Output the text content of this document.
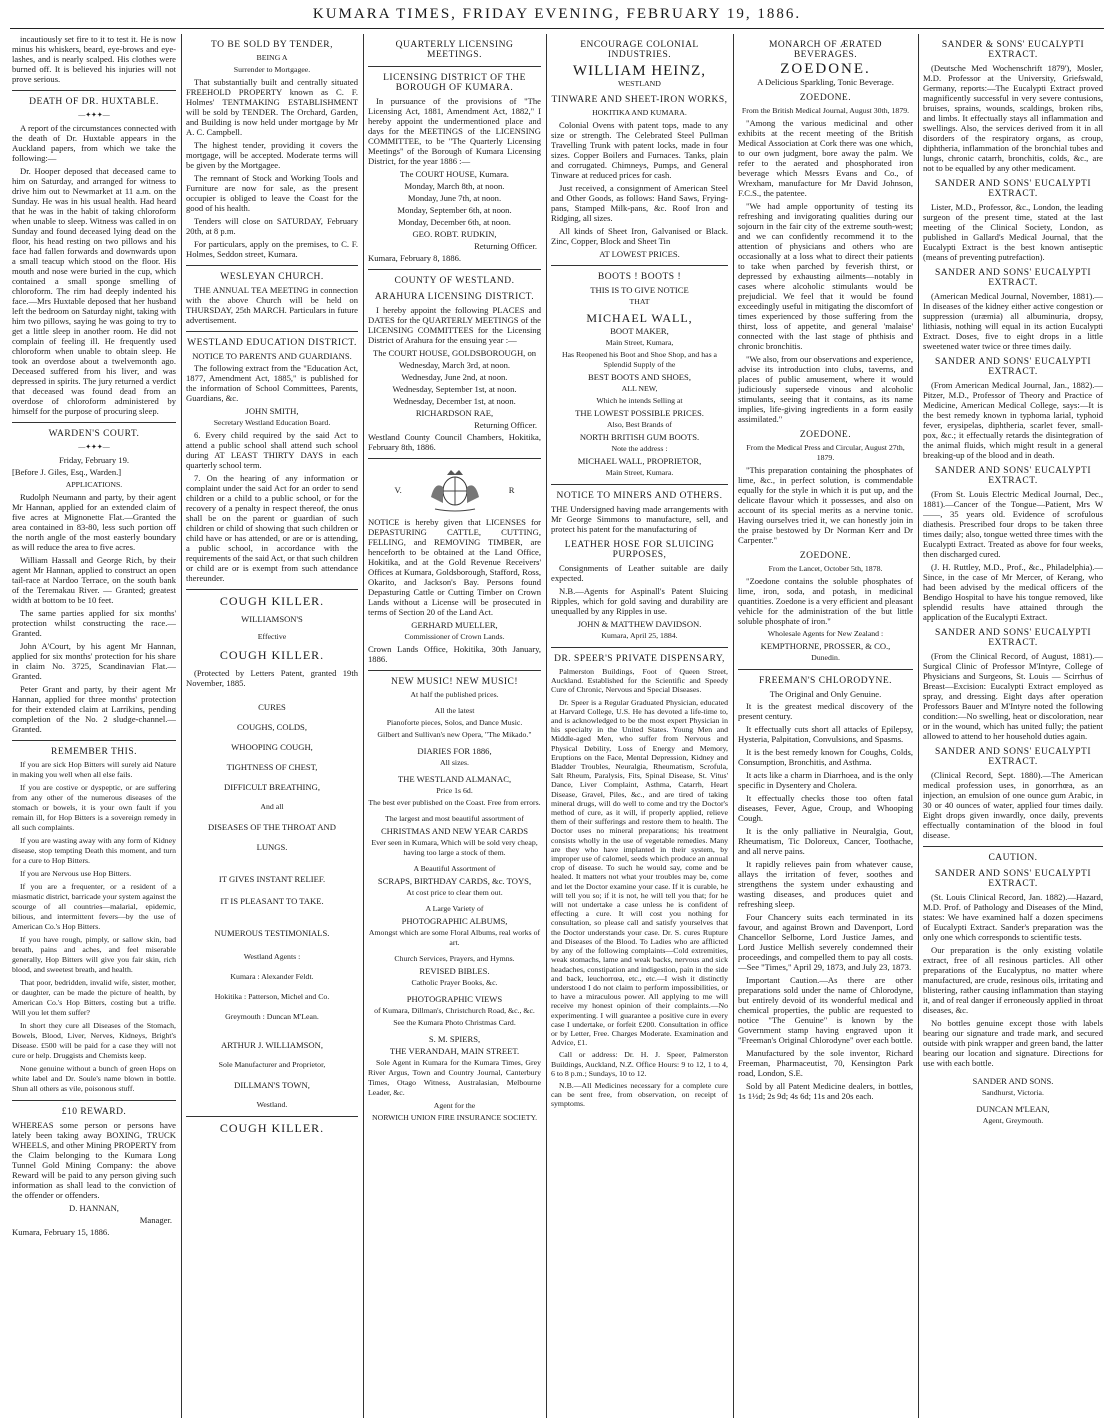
KUMARA TIMES, FRIDAY EVENING, FEBRUARY 19, 1886.

incautiously set fire to it to test it. He is now minus his whiskers, beard, eye-brows and eye-lashes, and is nearly scalped. His clothes were burned off. It is believed his injuries will not prove serious.

DEATH OF DR. HUXTABLE.
—✦✦✦—

A report of the circumstances connected with the death of Dr. Huxtable appears in the Auckland papers, from which we take the following:—

Dr. Hooper deposed that deceased came to him on Saturday, and arranged for witness to drive him out to Newmarket at 11 a.m. on the Sunday. He was in his usual health. Had heard that he was in the habit of taking chloroform when unable to sleep. Witness was called in on Sunday and found deceased lying dead on the floor, his head resting on two pillows and his face had fallen forwards and downwards upon a small teacup which stood on the floor. His mouth and nose were buried in the cup, which contained a small sponge smelling of chloroform. The rim had deeply indented his face.—Mrs Huxtable deposed that her husband left the bedroom on Saturday night, taking with him two pillows, saying he was going to try to get a little sleep in another room. He did not complain of feeling ill. He frequently used chloroform when unable to obtain sleep. He took an overdose about a twelvemonth ago. Deceased suffered from his liver, and was depressed in spirits. The jury returned a verdict that deceased was found dead from an overdose of chloroform administered by himself for the purpose of procuring sleep.

WARDEN'S COURT.
—✦✦✦—
Friday, February 19.

[Before J. Giles, Esq., Warden.]

APPLICATIONS.

Rudolph Neumann and party, by their agent Mr Hannan, applied for an extended claim of five acres at Mignonette Flat.—Granted the area contained in 83-80, less such portion off the north angle of the most easterly boundary as will reduce the area to five acres.

William Hassall and George Rich, by their agent Mr Hannan, applied to construct an open tail-race at Nardoo Terrace, on the south bank of the Teremakau River. — Granted; greatest width at bottom to be 10 feet.

The same parties applied for six months' protection whilst constructing the race.—Granted.

John A'Court, by his agent Mr Hannan, applied for six months' protection for his share in claim No. 3725, Scandinavian Flat.—Granted.

Peter Grant and party, by their agent Mr Hannan, applied for three months' protection for their extended claim at Larrikins, pending completion of the No. 2 sludge-channel.—Granted.

REMEMBER THIS.

If you are sick Hop Bitters will surely aid Nature in making you well when all else fails.

If you are costive or dyspeptic, or are suffering from any other of the numerous diseases of the stomach or bowels, it is your own fault if you remain ill, for Hop Bitters is a sovereign remedy in all such complaints.

If you are wasting away with any form of Kidney disease, stop tempting Death this moment, and turn for a cure to Hop Bitters.

If you are Nervous use Hop Bitters.

If you are a frequenter, or a resident of a miasmatic district, barricade your system against the scourge of all countries—malarial, epidemic, bilious, and intermittent fevers—by the use of American Co.'s Hop Bitters.

If you have rough, pimply, or sallow skin, bad breath, pains and aches, and feel miserable generally, Hop Bitters will give you fair skin, rich blood, and sweetest breath, and health.

That poor, bedridden, invalid wife, sister, mother, or daughter, can be made the picture of health, by American Co.'s Hop Bitters, costing but a trifle. Will you let them suffer?

In short they cure all Diseases of the Stomach, Bowels, Blood, Liver, Nerves, Kidneys, Bright's Disease. £500 will be paid for a case they will not cure or help. Druggists and Chemists keep.

None genuine without a bunch of green Hops on white label and Dr. Soule's name blown in bottle. Shun all others as vile, poisonous stuff.

£10 REWARD.

WHEREAS some person or persons have lately been taking away BOXING, TRUCK WHEELS, and other Mining PROPERTY from the Claim belonging to the Kumara Long Tunnel Gold Mining Company: the above Reward will be paid to any person giving such information as shall lead to the conviction of the offender or offenders.

D. HANNAN,
Manager.

Kumara, February 15, 1886.

TO BE SOLD BY TENDER,
BEING A
Surrender to Mortgagee.

That substantially built and centrally situated FREEHOLD PROPERTY known as C. F. Holmes' TENTMAKING ESTABLISHMENT will be sold by TENDER. The Orchard, Garden, and Building is now held under mortgage by Mr A. C. Campbell.

The highest tender, providing it covers the mortgage, will be accepted. Moderate terms will be given by the Mortgagee.

The remnant of Stock and Working Tools and Furniture are now for sale, as the present occupier is obliged to leave the Coast for the good of his health.

Tenders will close on SATURDAY, February 20th, at 8 p.m.

For particulars, apply on the premises, to C. F. Holmes, Seddon street, Kumara.

WESLEYAN CHURCH.

THE ANNUAL TEA MEETING in connection with the above Church will be held on THURSDAY, 25th MARCH. Particulars in future advertisement.

WESTLAND EDUCATION DISTRICT.
NOTICE TO PARENTS AND GUARDIANS.

The following extract from the "Education Act, 1877, Amendment Act, 1885," is published for the information of School Committees, Parents, Guardians, &c.

JOHN SMITH,
Secretary Westland Education Board.

6. Every child required by the said Act to attend a public school shall attend such school during AT LEAST THIRTY DAYS in each quarterly school term.

7. On the hearing of any information or complaint under the said Act for an order to send children or a child to a public school, or for the recovery of a penalty in respect thereof, the onus shall be on the parent or guardian of such children or child of showing that such children or child have or has attended, or are or is attending, a public school, in accordance with the requirements of the said Act, or that such children or child are or is exempt from such attendance thereunder.

COUGH KILLER.
WILLIAMSON'S
Effective
COUGH KILLER.

(Protected by Letters Patent, granted 19th November, 1885.

CURES
COUGHS, COLDS,
WHOOPING COUGH,
TIGHTNESS OF CHEST,
DIFFICULT BREATHING,
And all
DISEASES OF THE THROAT AND
LUNGS.
IT GIVES INSTANT RELIEF.
IT IS PLEASANT TO TAKE.
NUMEROUS TESTIMONIALS.
Westland Agents :
Kumara : Alexander Feldt.
Hokitika : Patterson, Michel and Co.
Greymouth : Duncan M'Lean.
ARTHUR J. WILLIAMSON,
Sole Manufacturer and Proprietor,
DILLMAN'S TOWN,
Westland.
COUGH KILLER.
QUARTERLY LICENSING MEETINGS.
LICENSING DISTRICT OF THE BOROUGH OF KUMARA.

In pursuance of the provisions of "The Licensing Act, 1881, Amendment Act, 1882," I hereby appoint the undermentioned place and days for the MEETINGS of the LICENSING COMMITTEE, to be "The Quarterly Licensing Meetings" of the Borough of Kumara Licensing District, for the year 1886 :—

The COURT HOUSE, Kumara.
Monday, March 8th, at noon.
Monday, June 7th, at noon.
Monday, September 6th, at noon.
Monday, December 6th, at noon.
GEO. ROBT. RUDKIN,
Returning Officer.

Kumara, February 8, 1886.

COUNTY OF WESTLAND.
ARAHURA LICENSING DISTRICT.

I hereby appoint the following PLACES and DATES for the QUARTERLY MEETINGS of the LICENSING COMMITTEES for the Licensing District of Arahura for the ensuing year :—

The COURT HOUSE, GOLDSBOROUGH, on
Wednesday, March 3rd, at noon.
Wednesday, June 2nd, at noon.
Wednesday, September 1st, at noon.
Wednesday, December 1st, at noon.
RICHARDSON RAE,
Returning Officer.

Westland County Council Chambers, Hokitika, February 8th, 1886.

V.	R

NOTICE is hereby given that LICENSES for DEPASTURING CATTLE, CUTTING, FELLING, and REMOVING TIMBER, are henceforth to be obtained at the Land Office, Hokitika, and at the Gold Revenue Receivers' Offices at Kumara, Goldsborough, Stafford, Ross, Okarito, and Jackson's Bay. Persons found Depasturing Cattle or Cutting Timber on Crown Lands without a License will be prosecuted in terms of Section 20 of the Land Act.

GERHARD MUELLER,
Commissioner of Crown Lands.

Crown Lands Office, Hokitika, 30th January, 1886.

NEW MUSIC! NEW MUSIC!
At half the published prices.
All the latest
Pianoforte pieces, Solos, and Dance Music.
Gilbert and Sullivan's new Opera, "The Mikado."
DIARIES FOR 1886,
All sizes.
THE WESTLAND ALMANAC,
Price 1s 6d.
The best ever published on the Coast. Free from errors.
The largest and most beautiful assortment of
CHRISTMAS AND NEW YEAR CARDS
Ever seen in Kumara, Which will be sold very cheap, having too large a stock of them.
A Beautiful Assortment of
SCRAPS, BIRTHDAY CARDS, &c. TOYS,
At cost price to clear them out.
A Large Variety of
PHOTOGRAPHIC ALBUMS,
Amongst which are some Floral Albums, real works of art.
Church Services, Prayers, and Hymns.
REVISED BIBLES.
Catholic Prayer Books, &c.
PHOTOGRAPHIC VIEWS
of Kumara, Dillman's, Christchurch Road, &c., &c.
See the Kumara Photo Christmas Card.
S. M. SPIERS,
THE VERANDAH, MAIN STREET.

Sole Agent in Kumara for the Kumara Times, Grey River Argus, Town and Country Journal, Canterbury Times, Otago Witness, Australasian, Melbourne Leader, &c.

Agent for the
NORWICH UNION FIRE INSURANCE SOCIETY.
ENCOURAGE COLONIAL INDUSTRIES.
WILLIAM HEINZ,
WESTLAND
TINWARE AND SHEET-IRON WORKS,
HOKITIKA AND KUMARA.

Colonial Ovens with patent tops, made to any size or strength. The Celebrated Steel Pullman Travelling Trunk with patent locks, made in four sizes. Copper Boilers and Furnaces. Tanks, plain and corrugated. Chimneys, Pumps, and General Tinware at reduced prices for cash.

Just received, a consignment of American Steel and Other Goods, as follows: Hand Saws, Frying-pans, Stamped Milk-pans, &c. Roof Iron and Ridging, all sizes.

All kinds of Sheet Iron, Galvanised or Black. Zinc, Copper, Block and Sheet Tin

AT LOWEST PRICES.
BOOTS ! BOOTS !
THIS IS TO GIVE NOTICE
THAT
MICHAEL WALL,
BOOT MAKER,
Main Street, Kumara,
Has Reopened his Boot and Shoe Shop, and has a Splendid Supply of the
BEST BOOTS AND SHOES,
ALL NEW,
Which he intends Selling at
THE LOWEST POSSIBLE PRICES.
Also, Best Brands of
NORTH BRITISH GUM BOOTS.
Note the address :
MICHAEL WALL, PROPRIETOR,
Main Street, Kumara.
NOTICE TO MINERS AND OTHERS.

THE Undersigned having made arrangements with Mr George Simmons to manufacture, sell, and protect his patent for the manufacturing of

LEATHER HOSE FOR SLUICING PURPOSES,

Consignments of Leather suitable are daily expected.

N.B.—Agents for Aspinall's Patent Sluicing Ripples, which for gold saving and durability are unequalled by any Ripples in use.

JOHN & MATTHEW DAVIDSON.
Kumara, April 25, 1884.
DR. SPEER'S PRIVATE DISPENSARY,

Palmerston Buildings, Foot of Queen Street, Auckland. Established for the Scientific and Speedy Cure of Chronic, Nervous and Special Diseases.

Dr. Speer is a Regular Graduated Physician, educated at Harvard College, U.S. He has devoted a life-time to, and is acknowledged to be the most expert Physician in his specialty in the United States. Young Men and Middle-aged Men, who suffer from Nervous and Physical Debility, Loss of Energy and Memory, Eruptions on the Face, Mental Depression, Kidney and Bladder Troubles, Neuralgia, Rheumatism, Scrofula, Salt Rheum, Paralysis, Fits, Spinal Disease, St. Vitus' Dance, Liver Complaint, Asthma, Catarrh, Heart Disease, Gravel, Piles, &c., and are tired of taking mineral drugs, will do well to come and try the Doctor's method of cure, as it will, if properly applied, relieve them of their sufferings and restore them to health. The Doctor uses no mineral preparations; his treatment consists wholly in the use of vegetable remedies. Many are they who have implanted in their system, by improper use of calomel, seeds which produce an annual crop of disease. To such he would say, come and be healed. It matters not what your troubles may be, come and let the Doctor examine your case. If it is curable, he will tell you so; if it is not, he will tell you that; for he will not undertake a case unless he is confident of effecting a cure. It will cost you nothing for consultation, so please call and satisfy yourselves that the Doctor understands your case. Dr. S. cures Rupture and Diseases of the Blood. To Ladies who are afflicted by any of the following complaints—Cold extremities, weak stomachs, lame and weak backs, nervous and sick headaches, constipation and indigestion, pain in the side and back, leuchorrœa, etc., etc.—I wish it distinctly understood I do not claim to perform impossibilities, or to have a miraculous power. All applying to me will receive my honest opinion of their complaints.—No experimenting. I will guarantee a positive cure in every case I undertake, or forfeit £200. Consultation in office or by Letter, Free. Charges Moderate. Examination and Advice, £1.

Call or address: Dr. H. J. Speer, Palmerston Buildings, Auckland, N.Z. Office Hours: 9 to 12, 1 to 4, 6 to 8 p.m.; Sundays, 10 to 12.

N.B.—All Medicines necessary for a complete cure can be sent free, from observation, on receipt of symptoms.

MONARCH OF ÆRATED BEVERAGES.
ZOEDONE.
A Delicious Sparkling, Tonic Beverage.
ZOEDONE.
From the British Medical Journal, August 30th, 1879.

"Among the various medicinal and other exhibits at the recent meeting of the British Medical Association at Cork there was one which, to our own judgment, bore away the palm. We refer to the aerated and phosphorated iron beverage which Messrs Evans and Co., of Wrexham, manufacture for Mr David Johnson, F.C.S., the patentee.

"We had ample opportunity of testing its refreshing and invigorating qualities during our sojourn in the fair city of the extreme south-west; and we can confidently recommend it to the attention of physicians and others who are occasionally at a loss what to direct their patients to take when parched by feverish thirst, or depressed by exhausting ailments—notably in cases where alcoholic stimulants would be prejudicial. We feel that it would be found exceedingly useful in mitigating the discomfort of times experienced by those suffering from the thirst, loss of appetite, and general 'malaise' connected with the last stage of phthisis and chronic bronchitis.

"We also, from our observations and experience, advise its introduction into clubs, taverns, and places of public amusement, where it would judiciously supersede vinous and alcoholic stimulants, seeing that it contains, as its name implies, life-giving ingredients in a form easily assimilated."

ZOEDONE.
From the Medical Press and Circular, August 27th, 1879.

"This preparation containing the phosphates of lime, &c., in perfect solution, is commendable equally for the style in which it is put up, and the delicate flavour which it possesses, and also on account of its special merits as a nervine tonic. Having ourselves tried it, we can honestly join in the praise bestowed by Dr Norman Kerr and Dr Carpenter."

ZOEDONE.
From the Lancet, October 5th, 1878.

"Zoedone contains the soluble phosphates of lime, iron, soda, and potash, in medicinal quantities. Zoedone is a very efficient and pleasant vehicle for the administration of the but little soluble phosphate of iron."

Wholesale Agents for New Zealand :
KEMPTHORNE, PROSSER, & CO.,
Dunedin.
FREEMAN'S CHLORODYNE.
The Original and Only Genuine.

It is the greatest medical discovery of the present century.

It effectually cuts short all attacks of Epilepsy, Hysteria, Palpitation, Convulsions, and Spasms.

It is the best remedy known for Coughs, Colds, Consumption, Bronchitis, and Asthma.

It acts like a charm in Diarrhoea, and is the only specific in Dysentery and Cholera.

It effectually checks those too often fatal diseases, Fever, Ague, Croup, and Whooping Cough.

It is the only palliative in Neuralgia, Gout, Rheumatism, Tic Doloreux, Cancer, Toothache, and all nerve pains.

It rapidly relieves pain from whatever cause, allays the irritation of fever, soothes and strengthens the system under exhausting and wasting diseases, and produces quiet and refreshing sleep.

Four Chancery suits each terminated in its favour, and against Brown and Davenport, Lord Chancellor Selborne, Lord Justice James, and Lord Justice Mellish severely condemned their proceedings, and compelled them to pay all costs.—See "Times," April 29, 1873, and July 23, 1873.

Important Caution.—As there are other preparations sold under the name of Chlorodyne, but entirely devoid of its wonderful medical and chemical properties, the public are requested to notice "The Genuine" is known by the Government stamp having engraved upon it "Freeman's Original Chlorodyne" over each bottle.

Manufactured by the sole inventor, Richard Freeman, Pharmaceutist, 70, Kensington Park road, London, S.E.

Sold by all Patent Medicine dealers, in bottles, 1s 1½d; 2s 9d; 4s 6d; 11s and 20s each.

SANDER & SONS' EUCALYPTI EXTRACT.

(Deutsche Med Wochenschrift 1879'), Mosler, M.D. Professor at the University, Griefswald, Germany, reports:—The Eucalypti Extract proved magnificently successful in very severe contusions, bruises, sprains, wounds, scaldings, broken ribs, and limbs. It effectually stays all inflammation and swellings. Also, the services derived from it in all disorders of the respiratory organs, as croup, diphtheria, inflammation of the bronchial tubes and lungs, chronic catarrh, bronchitis, colds, &c., are not to be equalled by any other medicament.

SANDER AND SONS' EUCALYPTI EXTRACT.

Lister, M.D., Professor, &c., London, the leading surgeon of the present time, stated at the last meeting of the Clinical Society, London, as published in Gallard's Medical Journal, that the Eucalypti Extract is the best known antiseptic (means of preventing putrefaction).

SANDER AND SONS' EUCALYPTI EXTRACT.

(American Medical Journal, November, 1881).—In diseases of the kidney either active congestion or suppression (uræmia) all albuminuria, dropsy, lithiasis, nothing will equal in its action Eucalypti Extract. Doses, five to eight drops in a little sweetened water twice or three times daily.

SANDER AND SONS' EUCALYPTI EXTRACT.

(From American Medical Journal, Jan., 1882).—Pitzer, M.D., Professor of Theory and Practice of Medicine, American Medical College, says:—It is the best remedy known in typhoma larial, typhoid fever, erysipelas, diphtheria, scarlet fever, small-pox, &c.; it effectually retards the disintegration of the animal fluids, which might result in a general breaking-up of the blood and in death.

SANDER AND SONS' EUCALYPTI EXTRACT.

(From St. Louis Electric Medical Journal, Dec., 1881).—Cancer of the Tongue—Patient, Mrs W——, 35 years old. Evidence of scrofulous diathesis. Prescribed four drops to be taken three times daily; also, tongue wetted three times with the Eucalypti Extract. Treated as above for four weeks, then discharged cured.

(J. H. Ruttley, M.D., Prof., &c., Philadelphia).—Since, in the case of Mr Mercer, of Kerang, who had been advised by the medical officers of the Bendigo Hospital to have his tongue removed, like splendid results have attained through the application of the Eucalypti Extract.

SANDER AND SONS' EUCALYPTI EXTRACT.

(From the Clinical Record, of August, 1881).—Surgical Clinic of Professor M'Intyre, College of Physicians and Surgeons, St. Louis — Scirrhus of Breast—Excision: Eucalypti Extract employed as spray, and dressing. Eight days after operation Professors Bauer and M'Intyre noted the following condition:—No swelling, heat or discoloration, near or in the wound, which has united fully; the patient allowed to attend to her household duties again.

SANDER AND SONS' EUCALYPTI EXTRACT.

(Clinical Record, Sept. 1880).—The American medical profession uses, in gonorrhœa, as an injection, an emulsion of one ounce gum Arabic, in 30 or 40 ounces of water, applied four times daily. Eight drops given inwardly, once daily, prevents effectually contamination of the blood in foul disease.

CAUTION.
SANDER AND SONS' EUCALYPTI EXTRACT.

(St. Louis Clinical Record, Jan. 1882).—Hazard, M.D. Prof. of Pathology and Diseases of the Mind, states: We have examined half a dozen specimens of Eucalypti Extract. Sander's preparation was the only one which corresponds to scientific tests.

Our preparation is the only existing volatile extract, free of all resinous particles. All other preparations of the Eucalyptus, no matter where manufactured, are crude, resinous oils, irritating and blistering, rather causing inflammation than staying it, and of real danger if erroneously applied in throat diseases, &c.

No bottles genuine except those with labels bearing our signature and trade mark, and secured outside with pink wrapper and green band, the latter bearing our location and signature. Directions for use with each bottle.

SANDER AND SONS.
Sandhurst, Victoria.
DUNCAN M'LEAN,
Agent, Greymouth.
